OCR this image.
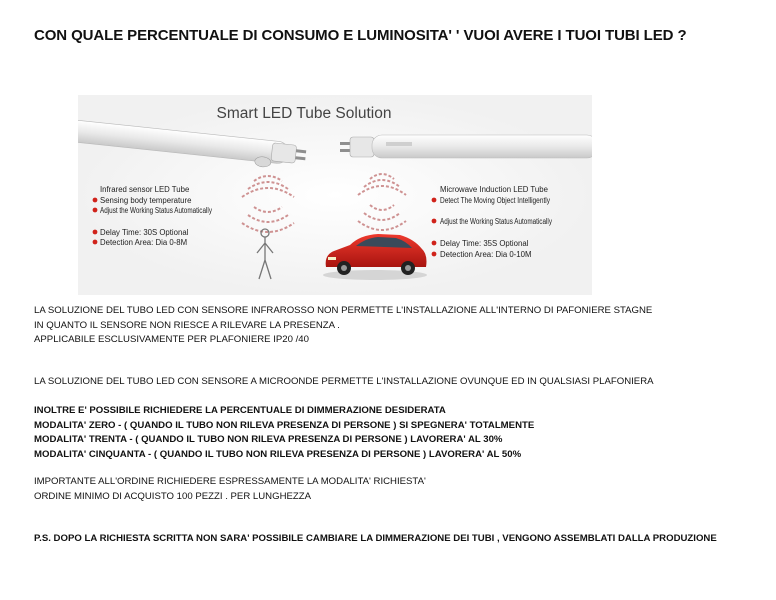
CON QUALE PERCENTUALE DI CONSUMO E LUMINOSITA' ' VUOI AVERE I TUOI TUBI LED ?
Smart LED Tube Solution
Infrared sensor LED Tube
Sensing body temperature
Adjust the Working Status Automatically
Delay Time: 30S Optional
Detection Area: Dia 0-8M
Microwave Induction LED Tube
Detect The Moving Object Intelligently
Adjust the Working Status Automatically
Delay Time: 35S Optional
Detection Area: Dia 0-10M
LA SOLUZIONE DEL TUBO LED CON SENSORE INFRAROSSO NON PERMETTE L'INSTALLAZIONE ALL'INTERNO DI PAFONIERE STAGNE
IN QUANTO IL SENSORE NON RIESCE A RILEVARE LA PRESENZA .
APPLICABILE ESCLUSIVAMENTE PER PLAFONIERE IP20 /40
LA SOLUZIONE DEL TUBO LED CON SENSORE A MICROONDE PERMETTE L'INSTALLAZIONE OVUNQUE ED IN QUALSIASI PLAFONIERA
INOLTRE E' POSSIBILE RICHIEDERE LA PERCENTUALE DI DIMMERAZIONE DESIDERATA
MODALITA' ZERO - ( QUANDO IL TUBO NON RILEVA PRESENZA DI PERSONE ) SI SPEGNERA' TOTALMENTE
MODALITA' TRENTA - ( QUANDO IL TUBO NON RILEVA PRESENZA DI PERSONE ) LAVORERA' AL 30%
MODALITA' CINQUANTA - ( QUANDO IL TUBO NON RILEVA PRESENZA DI PERSONE ) LAVORERA' AL 50%
IMPORTANTE ALL'ORDINE RICHIEDERE ESPRESSAMENTE LA MODALITA' RICHIESTA'
ORDINE MINIMO DI ACQUISTO 100 PEZZI . PER LUNGHEZZA
P.S. DOPO LA RICHIESTA SCRITTA NON SARA' POSSIBILE CAMBIARE LA DIMMERAZIONE DEI TUBI , VENGONO ASSEMBLATI DALLA PRODUZIONE
